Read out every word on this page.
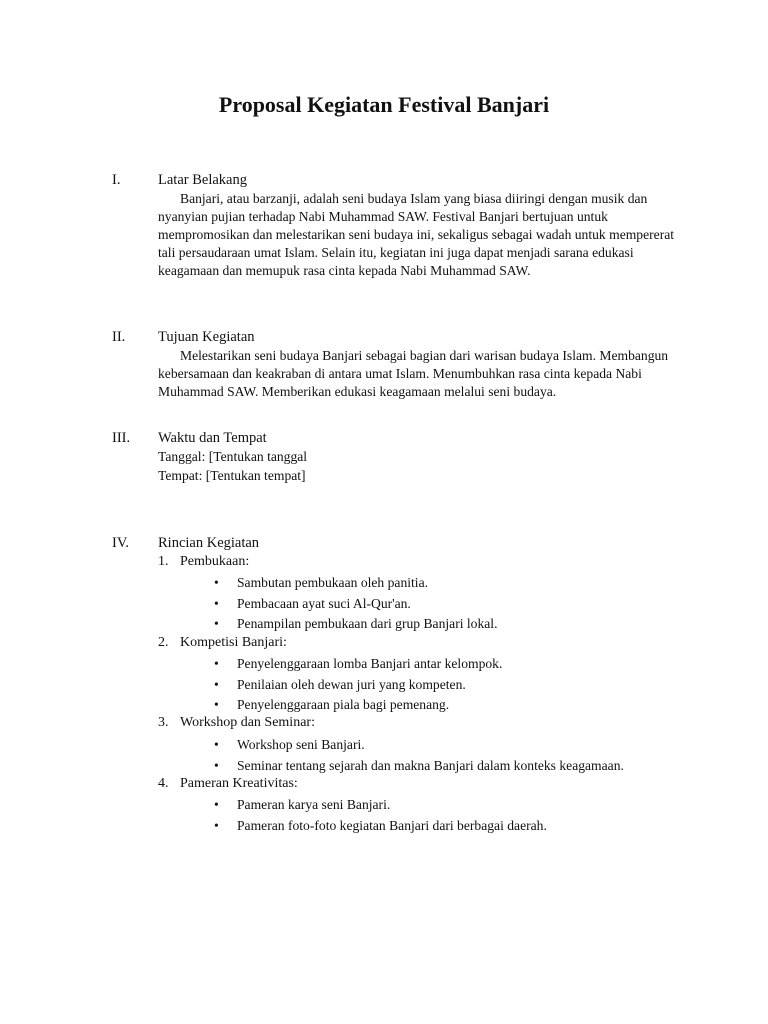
Proposal Kegiatan Festival Banjari
I.	Latar Belakang

Banjari, atau barzanji, adalah seni budaya Islam yang biasa diiringi dengan musik dan nyanyian pujian terhadap Nabi Muhammad SAW. Festival Banjari bertujuan untuk mempromosikan dan melestarikan seni budaya ini, sekaligus sebagai wadah untuk mempererat tali persaudaraan umat Islam. Selain itu, kegiatan ini juga dapat menjadi sarana edukasi keagamaan dan memupuk rasa cinta kepada Nabi Muhammad SAW.

II. Tujuan Kegiatan

Melestarikan seni budaya Banjari sebagai bagian dari warisan budaya Islam. Membangun kebersamaan dan keakraban di antara umat Islam. Menumbuhkan rasa cinta kepada Nabi Muhammad SAW. Memberikan edukasi keagamaan melalui seni budaya.

III. Waktu dan Tempat
Tanggal: [Tentukan tanggal
Tempat: [Tentukan tempat]
IV. Rincian Kegiatan
1. Pembukaan:
• Sambutan pembukaan oleh panitia.
• Pembacaan ayat suci Al-Qur'an.
• Penampilan pembukaan dari grup Banjari lokal.
2. Kompetisi Banjari:
• Penyelenggaraan lomba Banjari antar kelompok.
• Penilaian oleh dewan juri yang kompeten.
• Penyelenggaraan piala bagi pemenang.
3. Workshop dan Seminar:
• Workshop seni Banjari.
• Seminar tentang sejarah dan makna Banjari dalam konteks keagamaan.
4. Pameran Kreativitas:
• Pameran karya seni Banjari.
• Pameran foto-foto kegiatan Banjari dari berbagai daerah.
